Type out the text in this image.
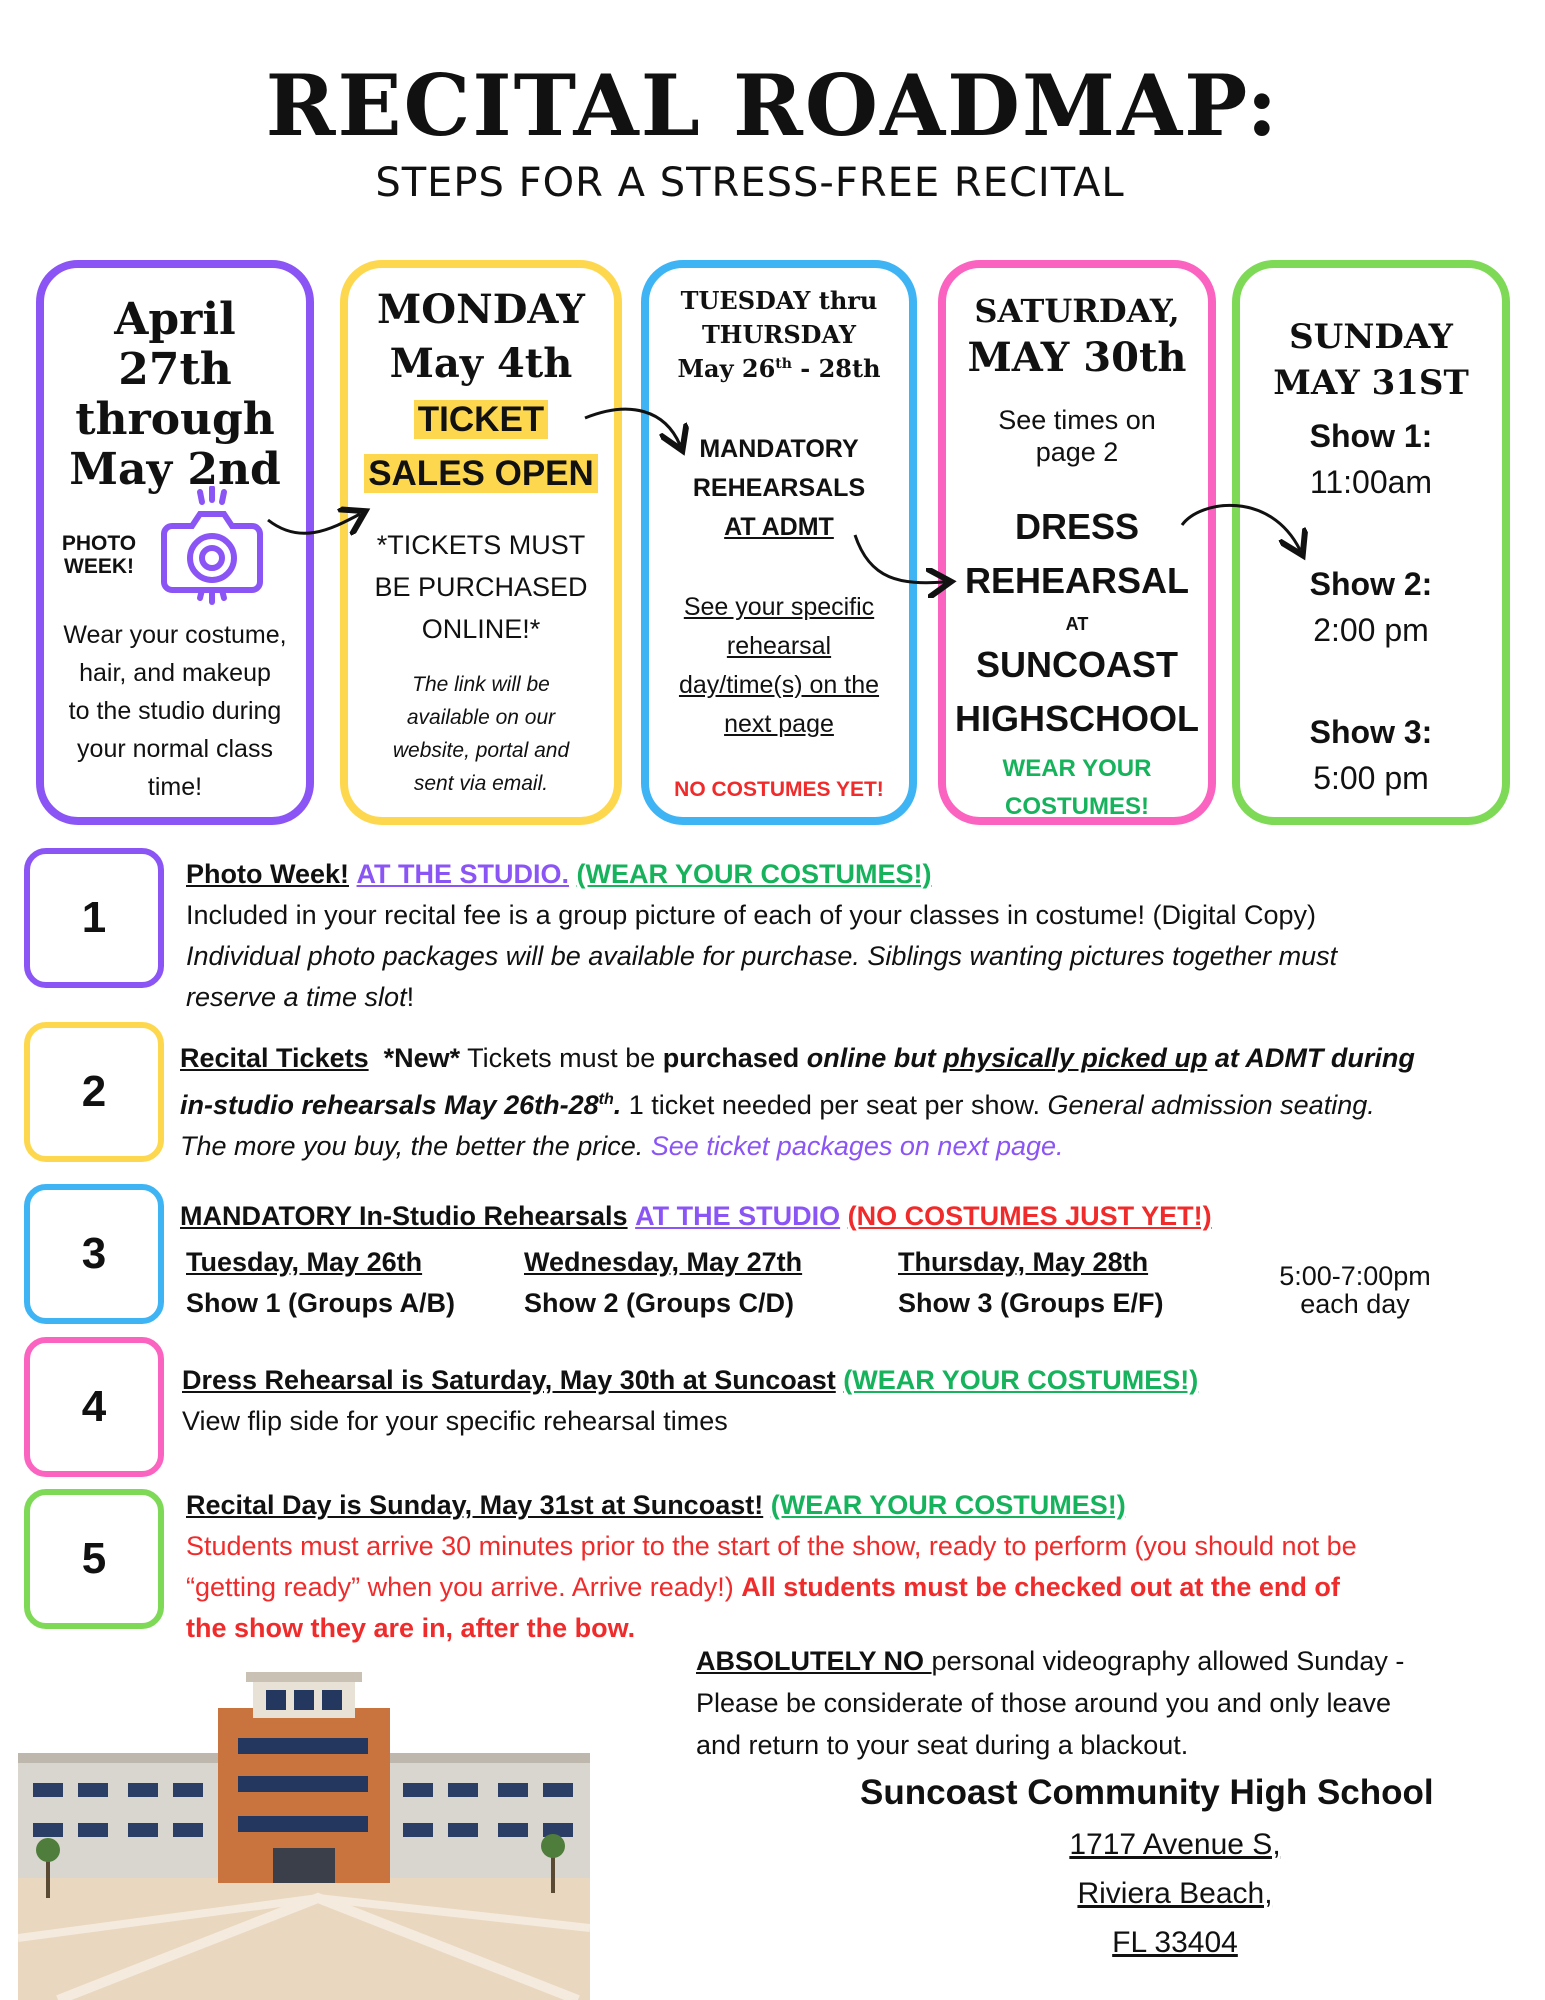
RECITAL ROADMAP:
STEPS FOR A STRESS-FREE RECITAL
April
27th
through
May 2nd
PHOTO
WEEK!
Wear your costume,
hair, and makeup
to the studio during
your normal class
time!
MONDAY
May 4th
TICKET
SALES OPEN
*TICKETS MUST
BE PURCHASED
ONLINE!*
The link will be
available on our
website, portal and
sent via email.
TUESDAY thru
THURSDAY
May 26th - 28th
MANDATORY
REHEARSALS
AT ADMT
See your specific
rehearsal
day/time(s) on the
next page
NO COSTUMES YET!
SATURDAY,
MAY 30th
See times on
page 2
DRESS
REHEARSAL
AT
SUNCOAST
HIGHSCHOOL
WEAR YOUR
COSTUMES!
SUNDAY
MAY 31ST
Show 1:
11:00am
Show 2:
2:00 pm
Show 3:
5:00 pm
1
Photo Week! AT THE STUDIO. (WEAR YOUR COSTUMES!)
Included in your recital fee is a group picture of each of your classes in costume! (Digital Copy)
Individual photo packages will be available for purchase. Siblings wanting pictures together must
reserve a time slot!
2
Recital Tickets *New* Tickets must be purchased online but physically picked up at ADMT during
in-studio rehearsals May 26th-28th. 1 ticket needed per seat per show. General admission seating.
The more you buy, the better the price. See ticket packages on next page.
3
MANDATORY In-Studio Rehearsals AT THE STUDIO (NO COSTUMES JUST YET!)
Tuesday, May 26th
Show 1 (Groups A/B)
Wednesday, May 27th
Show 2 (Groups C/D)
Thursday, May 28th
Show 3 (Groups E/F)
5:00-7:00pm
each day
4
Dress Rehearsal is Saturday, May 30th at Suncoast (WEAR YOUR COSTUMES!)
View flip side for your specific rehearsal times
5
Recital Day is Sunday, May 31st at Suncoast! (WEAR YOUR COSTUMES!)
Students must arrive 30 minutes prior to the start of the show, ready to perform (you should not be
“getting ready” when you arrive. Arrive ready!) All students must be checked out at the end of
the show they are in, after the bow.
ABSOLUTELY NO personal videography allowed Sunday -
Please be considerate of those around you and only leave
and return to your seat during a blackout.
Suncoast Community High School
1717 Avenue S,
Riviera Beach,
FL 33404
